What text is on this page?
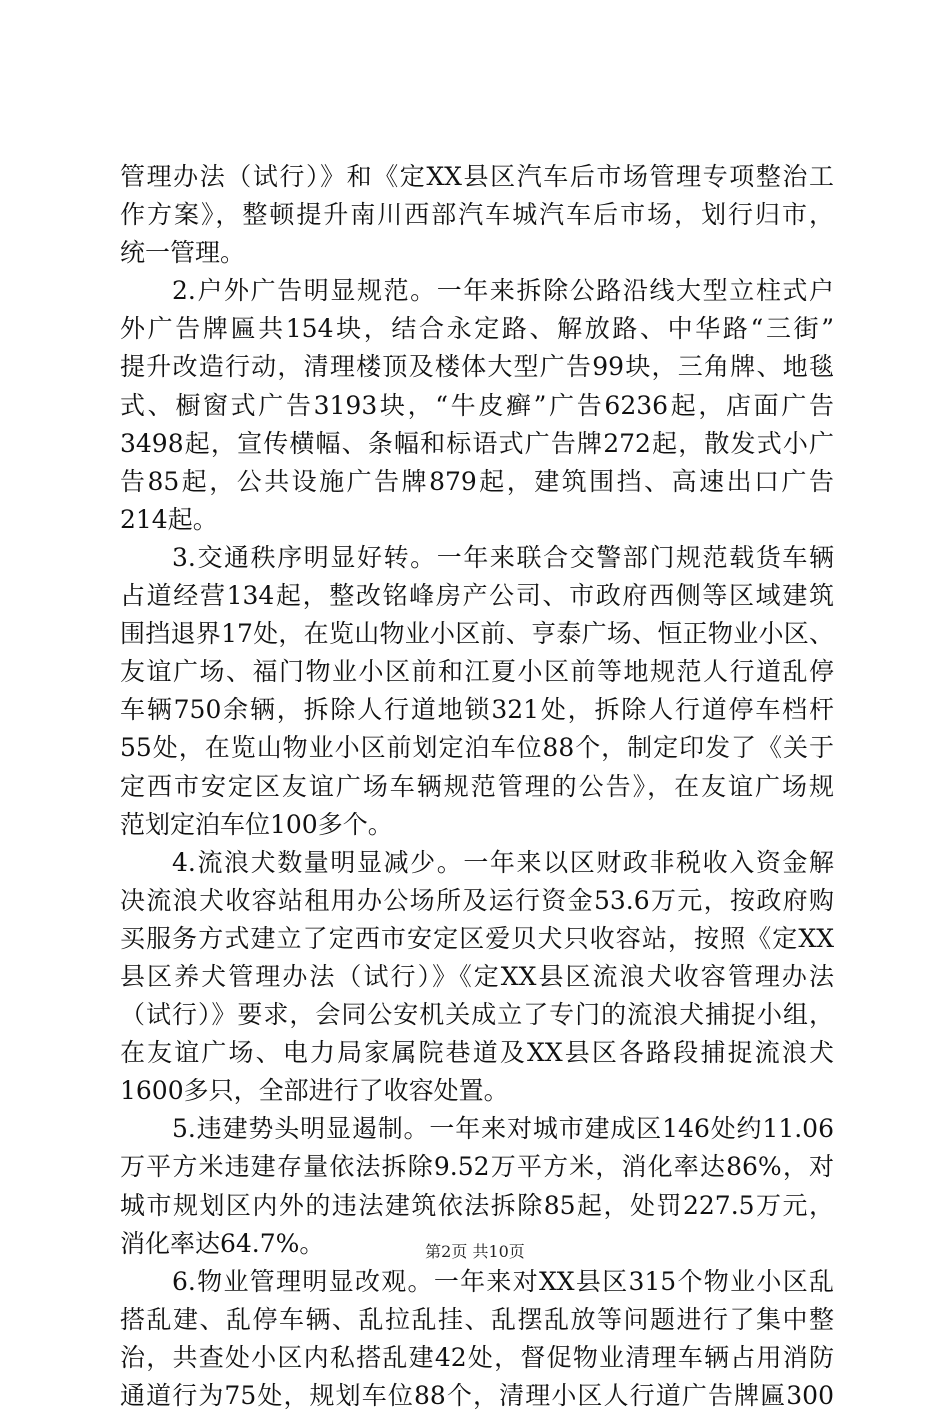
管理办法（试行）》和《定XX县区汽车后市场管理专项整治工
作方案》，整顿提升南川西部汽车城汽车后市场，划行归市，
统一管理。
2.户外广告明显规范。一年来拆除公路沿线大型立柱式户
外广告牌匾共154块，结合永定路、解放路、中华路“三街”
提升改造行动，清理楼顶及楼体大型广告99块，三角牌、地毯
式、橱窗式广告3193块，“牛皮癣”广告6236起，店面广告
3498起，宣传横幅、条幅和标语式广告牌272起，散发式小广
告85起，公共设施广告牌879起，建筑围挡、高速出口广告
214起。
3.交通秩序明显好转。一年来联合交警部门规范载货车辆
占道经营134起，整改铭峰房产公司、市政府西侧等区域建筑
围挡退界17处，在览山物业小区前、亨泰广场、恒正物业小区、
友谊广场、福门物业小区前和江夏小区前等地规范人行道乱停
车辆750余辆，拆除人行道地锁321处，拆除人行道停车档杆
55处，在览山物业小区前划定泊车位88个，制定印发了《关于
定西市安定区友谊广场车辆规范管理的公告》，在友谊广场规
范划定泊车位100多个。
4.流浪犬数量明显减少。一年来以区财政非税收入资金解
决流浪犬收容站租用办公场所及运行资金53.6万元，按政府购
买服务方式建立了定西市安定区爱贝犬只收容站，按照《定XX
县区养犬管理办法（试行）》《定XX县区流浪犬收容管理办法
（试行）》要求，会同公安机关成立了专门的流浪犬捕捉小组，
在友谊广场、电力局家属院巷道及XX县区各路段捕捉流浪犬
1600多只，全部进行了收容处置。
5.违建势头明显遏制。一年来对城市建成区146处约11.06
万平方米违建存量依法拆除9.52万平方米，消化率达86%，对
城市规划区内外的违法建筑依法拆除85起，处罚227.5万元，
消化率达64.7%。
6.物业管理明显改观。一年来对XX县区315个物业小区乱
搭乱建、乱停车辆、乱拉乱挂、乱摆乱放等问题进行了集中整
治，共查处小区内私搭乱建42处，督促物业清理车辆占用消防
通道行为75处，规划车位88个，清理小区人行道广告牌匾300
第2页 共10页
